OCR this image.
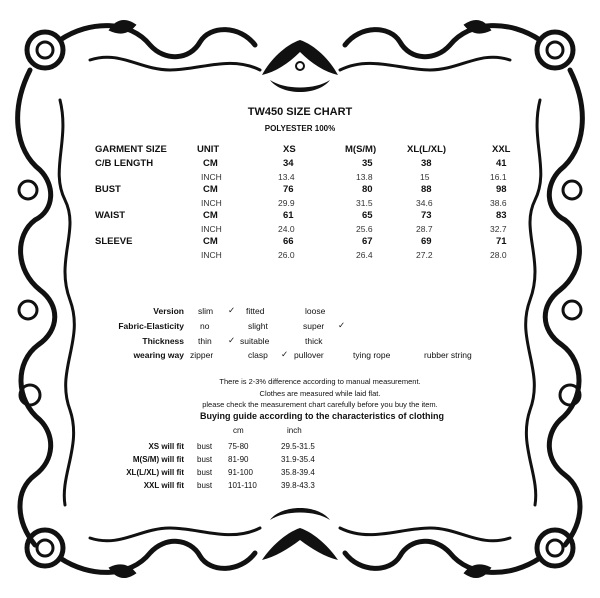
TW450 SIZE CHART
POLYESTER 100%
GARMENT SIZE	UNIT	XS	M(S/M)	XL(L/XL)	XXL
C/B LENGTH	CM	34	35	38	41
INCH	13.4	13.8	15	16.1
BUST	CM	76	80	88	98
INCH	29.9	31.5	34.6	38.6
WAIST	CM	61	65	73	83
INCH	24.0	25.6	28.7	32.7
SLEEVE	CM	66	67	69	71
INCH	26.0	26.4	27.2	28.0
Version slim ✓ fitted	loose
Fabric-Elasticity no	slight	super ✓
Thickness thin ✓ suitable	thick
wearing way zipper	clasp ✓ pullover	tying rope	rubber string
There is 2-3% difference according to manual measurement.
Clothes are measured while laid flat.
please check the measurement chart carefully before you buy the item.
Buying guide according to the characteristics of clothing
cm	inch
XS will fit bust 75-80	29.5-31.5
M(S/M) will fit bust 81-90	31.9-35.4
XL(L/XL) will fit bust 91-100	35.8-39.4
XXL will fit bust 101-110	39.8-43.3
